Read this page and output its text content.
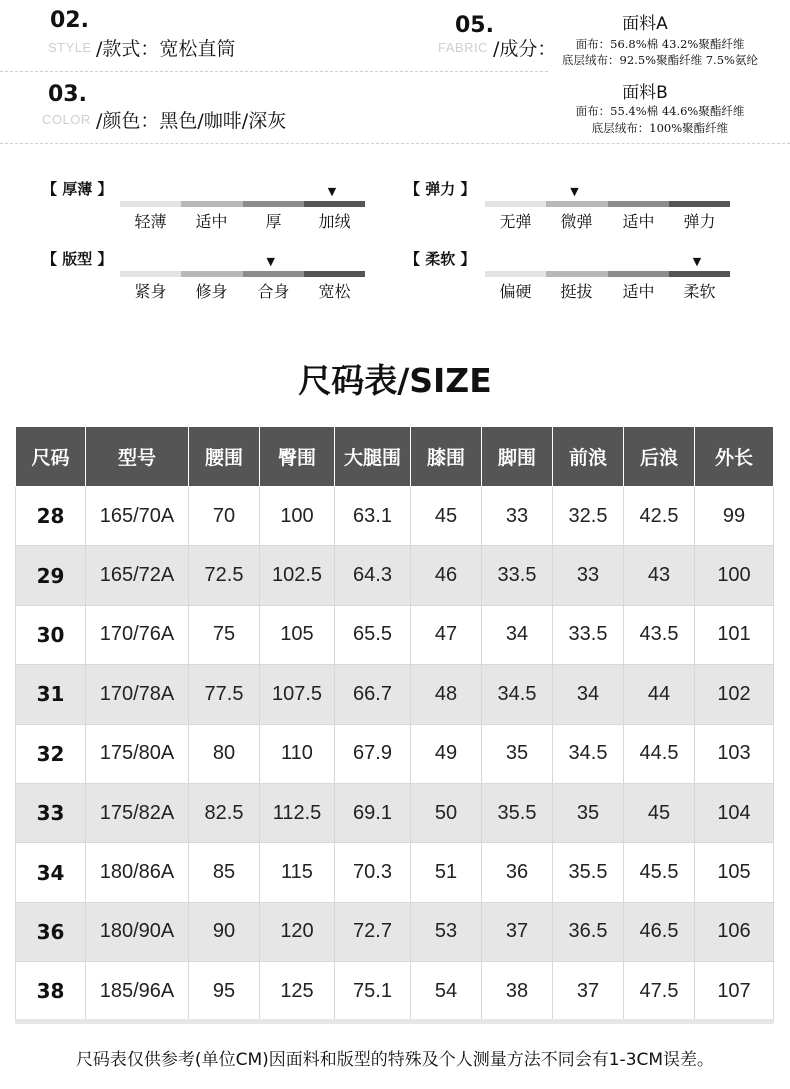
STYLE
02.
/款式：宽松直筒	FABRIC
05.
/成分：
面料A
面布：56.8%棉 43.2%聚酯纤维
底层绒布：92.5%聚酯纤维 7.5%氨纶
面料B
面布：55.4%棉 44.6%聚酯纤维
底层绒布：100%聚酯纤维
COLOR
03.
/颜色：黑色/咖啡/深灰
【 厚薄 】	▼
轻薄	适中	厚	加绒
【 弹力 】	▼
无弹	微弹	适中	弹力
【 版型 】	▼
紧身	修身	合身	宽松
【 柔软 】	▼
偏硬	挺拔	适中	柔软
尺码表/SIZE
尺码	型号	腰围	臀围	大腿围	膝围	脚围	前浪	后浪	外长
28	165/70A	70	100	63.1	45	33	32.5	42.5	99
29	165/72A	72.5	102.5	64.3	46	33.5	33	43	100
30	170/76A	75	105	65.5	47	34	33.5	43.5	101
31	170/78A	77.5	107.5	66.7	48	34.5	34	44	102
32	175/80A	80	110	67.9	49	35	34.5	44.5	103
33	175/82A	82.5	112.5	69.1	50	35.5	35	45	104
34	180/86A	85	115	70.3	51	36	35.5	45.5	105
36	180/90A	90	120	72.7	53	37	36.5	46.5	106
38	185/96A	95	125	75.1	54	38	37	47.5	107
尺码表仅供参考(单位CM)因面料和版型的特殊及个人测量方法不同会有1-3CM误差。
